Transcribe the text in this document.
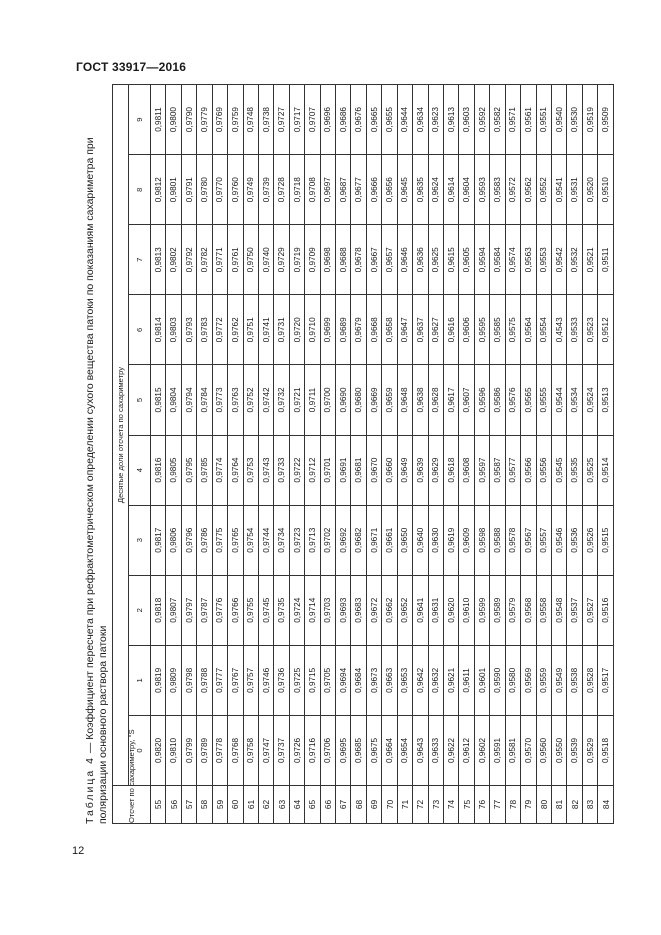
ГОСТ 33917—2016
Таблица 4 — Коэффициент пересчета при рефрактометрическом определении сухого вещества патоки по показаниям сахариметра при поляризации основного раствора патоки Отсчет по сахариметру, °S	Десятые доли отсчета по сахариметру									
	0	1	2	3	4	5	6	7	8	9
55	0,9820	0,9819	0,9818	0,9817	0,9816	0,9815	0,9814	0,9813	0,9812	0,9811
56	0,9810	0,9809	0,9807	0,9806	0,9805	0,9804	0,9803	0,9802	0,9801	0,9800
57	0,9799	0,9798	0,9797	0,9796	0,9795	0,9794	0,9793	0,9792	0,9791	0,9790
58	0,9789	0,9788	0,9787	0,9786	0,9785	0,9784	0,9783	0,9782	0,9780	0,9779
59	0,9778	0,9777	0,9776	0,9775	0,9774	0,9773	0,9772	0,9771	0,9770	0,9769
60	0,9768	0,9767	0,9766	0,9765	0,9764	0,9763	0,9762	0,9761	0,9760	0,9759
61	0,9758	0,9757	0,9755	0,9754	0,9753	0,9752	0,9751	0,9750	0,9749	0,9748
62	0,9747	0,9746	0,9745	0,9744	0,9743	0,9742	0,9741	0,9740	0,9739	0,9738
63	0,9737	0,9736	0,9735	0,9734	0,9733	0,9732	0,9731	0,9729	0,9728	0,9727
64	0,9726	0,9725	0,9724	0,9723	0,9722	0,9721	0,9720	0,9719	0,9718	0,9717
65	0,9716	0,9715	0,9714	0,9713	0,9712	0,9711	0,9710	0,9709	0,9708	0,9707
66	0,9706	0,9705	0,9703	0,9702	0,9701	0,9700	0,9699	0,9698	0,9697	0,9696
67	0,9695	0,9694	0,9693	0,9692	0,9691	0,9690	0,9689	0,9688	0,9687	0,9686
68	0,9685	0,9684	0,9683	0,9682	0,9681	0,9680	0,9679	0,9678	0,9677	0,9676
69	0,9675	0,9673	0,9672	0,9671	0,9670	0,9669	0,9668	0,9667	0,9666	0,9665
70	0,9664	0,9663	0,9662	0,9661	0,9660	0,9659	0,9658	0,9657	0,9656	0,9655
71	0,9654	0,9653	0,9652	0,9650	0,9649	0,9648	0,9647	0,9646	0,9645	0,9644
72	0,9643	0,9642	0,9641	0,9640	0,9639	0,9638	0,9637	0,9636	0,9635	0,9634
73	0,9633	0,9632	0,9631	0,9630	0,9629	0,9628	0,9627	0,9625	0,9624	0,9623
74	0,9622	0,9621	0,9620	0,9619	0,9618	0,9617	0,9616	0,9615	0,9614	0,9613
75	0,9612	0,9611	0,9610	0,9609	0,9608	0,9607	0,9606	0,9605	0,9604	0,9603
76	0,9602	0,9601	0,9599	0,9598	0,9597	0,9596	0,9595	0,9594	0,9593	0,9592
77	0,9591	0,9590	0,9589	0,9588	0,9587	0,9586	0,9585	0,9584	0,9583	0,9582
78	0,9581	0,9580	0,9579	0,9578	0,9577	0,9576	0,9575	0,9574	0,9572	0,9571
79	0,9570	0,9569	0,9568	0,9567	0,9566	0,9565	0,9564	0,9563	0,9562	0,9561
80	0,9560	0,9559	0,9558	0,9557	0,9556	0,9555	0,9554	0,9553	0,9552	0,9551
81	0,9550	0,9549	0,9548	0,9546	0,9545	0,9544	0,4543	0,9542	0,9541	0,9540
82	0,9539	0,9538	0,9537	0,9536	0,9535	0,9534	0,9533	0,9532	0,9531	0,9530
83	0,9529	0,9528	0,9527	0,9526	0,9525	0,9524	0,9523	0,9521	0,9520	0,9519
84	0,9518	0,9517	0,9516	0,9515	0,9514	0,9513	0,9512	0,9511	0,9510	0,9509
12
